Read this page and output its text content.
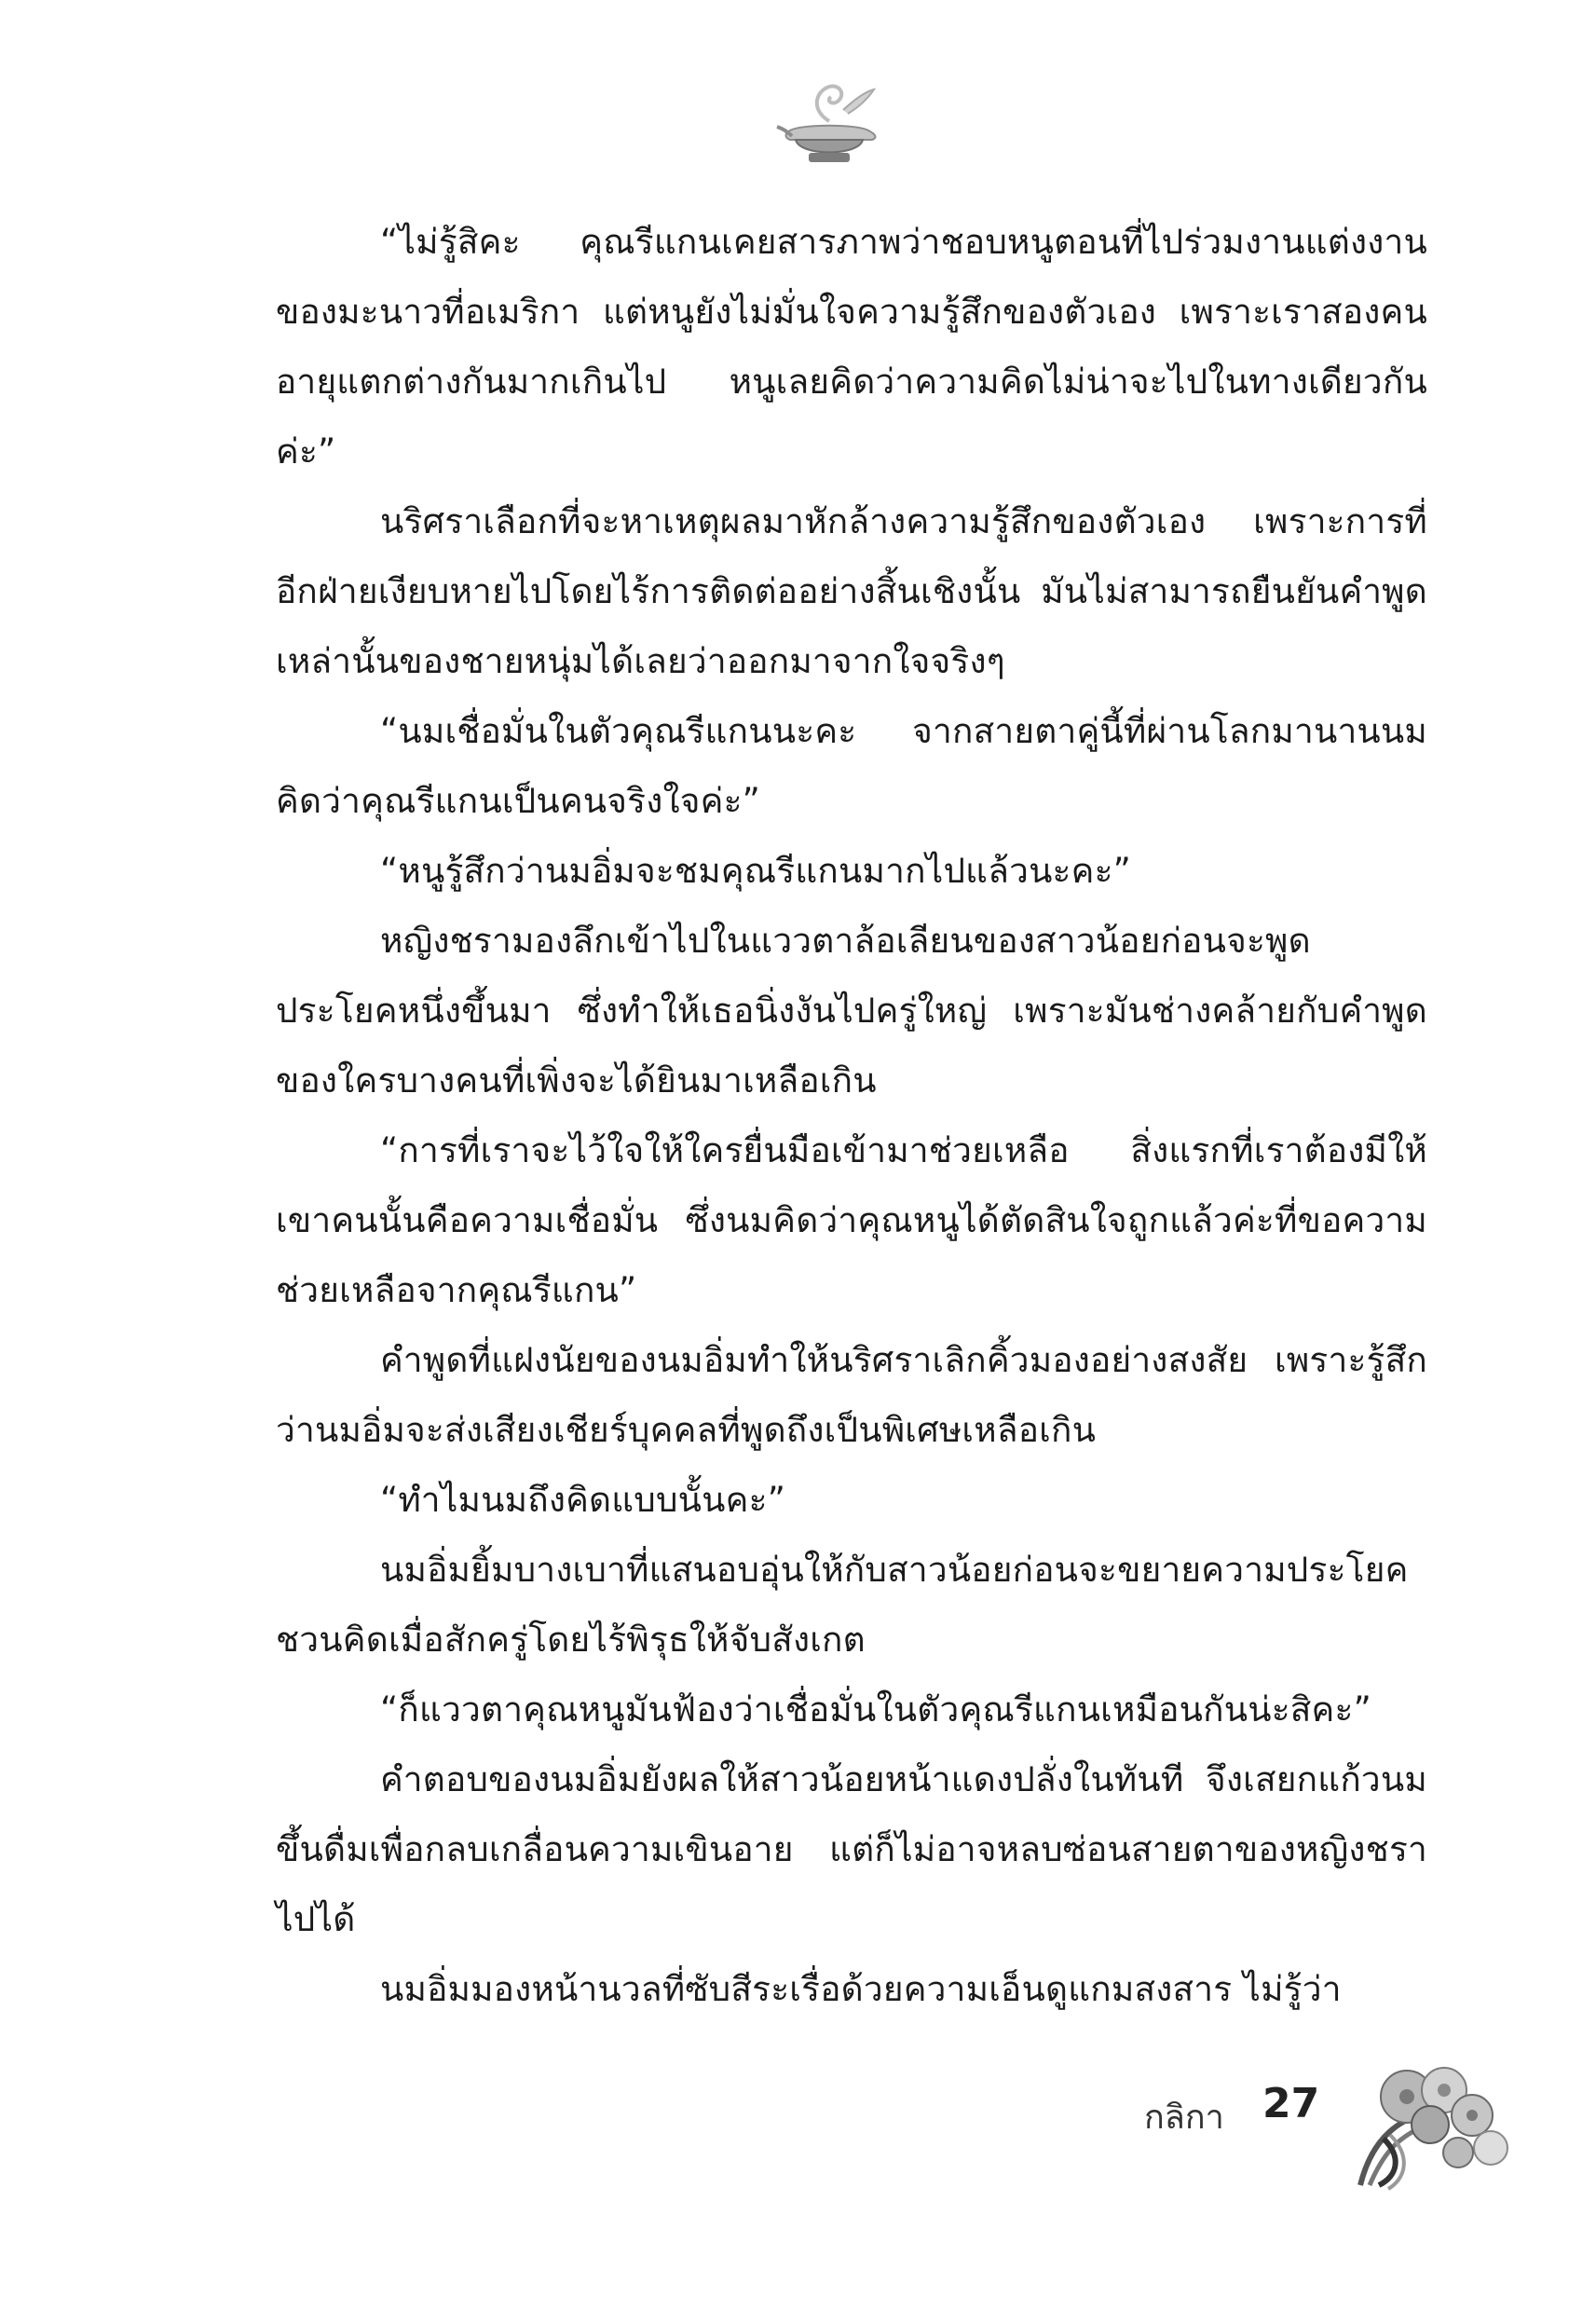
“ไม่รู้สิคะ คุณรีแกนเคยสารภาพว่าชอบหนูตอนที่ไปร่วมงานแต่งงานของมะนาวที่อเมริกา แต่หนูยังไม่มั่นใจความรู้สึกของตัวเอง เพราะเราสองคนอายุแตกต่างกันมากเกินไป หนูเลยคิดว่าความคิดไม่น่าจะไปในทางเดียวกันค่ะ”

นริศราเลือกที่จะหาเหตุผลมาหักล้างความรู้สึกของตัวเอง เพราะการที่อีกฝ่ายเงียบหายไปโดยไร้การติดต่ออย่างสิ้นเชิงนั้น มันไม่สามารถยืนยันคำพูดเหล่านั้นของชายหนุ่มได้เลยว่าออกมาจากใจจริงๆ

“นมเชื่อมั่นในตัวคุณรีแกนนะคะ จากสายตาคู่นี้ที่ผ่านโลกมานานนมคิดว่าคุณรีแกนเป็นคนจริงใจค่ะ”

“หนูรู้สึกว่านมอิ่มจะชมคุณรีแกนมากไปแล้วนะคะ”

หญิงชรามองลึกเข้าไปในแววตาล้อเลียนของสาวน้อยก่อนจะพูดประโยคหนึ่งขึ้นมา ซึ่งทำให้เธอนิ่งงันไปครู่ใหญ่ เพราะมันช่างคล้ายกับคำพูดของใครบางคนที่เพิ่งจะได้ยินมาเหลือเกิน

“การที่เราจะไว้ใจให้ใครยื่นมือเข้ามาช่วยเหลือ สิ่งแรกที่เราต้องมีให้เขาคนนั้นคือความเชื่อมั่น ซึ่งนมคิดว่าคุณหนูได้ตัดสินใจถูกแล้วค่ะที่ขอความช่วยเหลือจากคุณรีแกน”

คำพูดที่แฝงนัยของนมอิ่มทำให้นริศราเลิกคิ้วมองอย่างสงสัย เพราะรู้สึกว่านมอิ่มจะส่งเสียงเชียร์บุคคลที่พูดถึงเป็นพิเศษเหลือเกิน

“ทำไมนมถึงคิดแบบนั้นคะ”

นมอิ่มยิ้มบางเบาที่แสนอบอุ่นให้กับสาวน้อยก่อนจะขยายความประโยคชวนคิดเมื่อสักครู่โดยไร้พิรุธให้จับสังเกต

“ก็แววตาคุณหนูมันฟ้องว่าเชื่อมั่นในตัวคุณรีแกนเหมือนกันน่ะสิคะ”

คำตอบของนมอิ่มยังผลให้สาวน้อยหน้าแดงปลั่งในทันที จึงเสยกแก้วนมขึ้นดื่มเพื่อกลบเกลื่อนความเขินอาย แต่ก็ไม่อาจหลบซ่อนสายตาของหญิงชราไปได้

นมอิ่มมองหน้านวลที่ซับสีระเรื่อด้วยความเอ็นดูแกมสงสาร ไม่รู้ว่า

กลิกา 27
